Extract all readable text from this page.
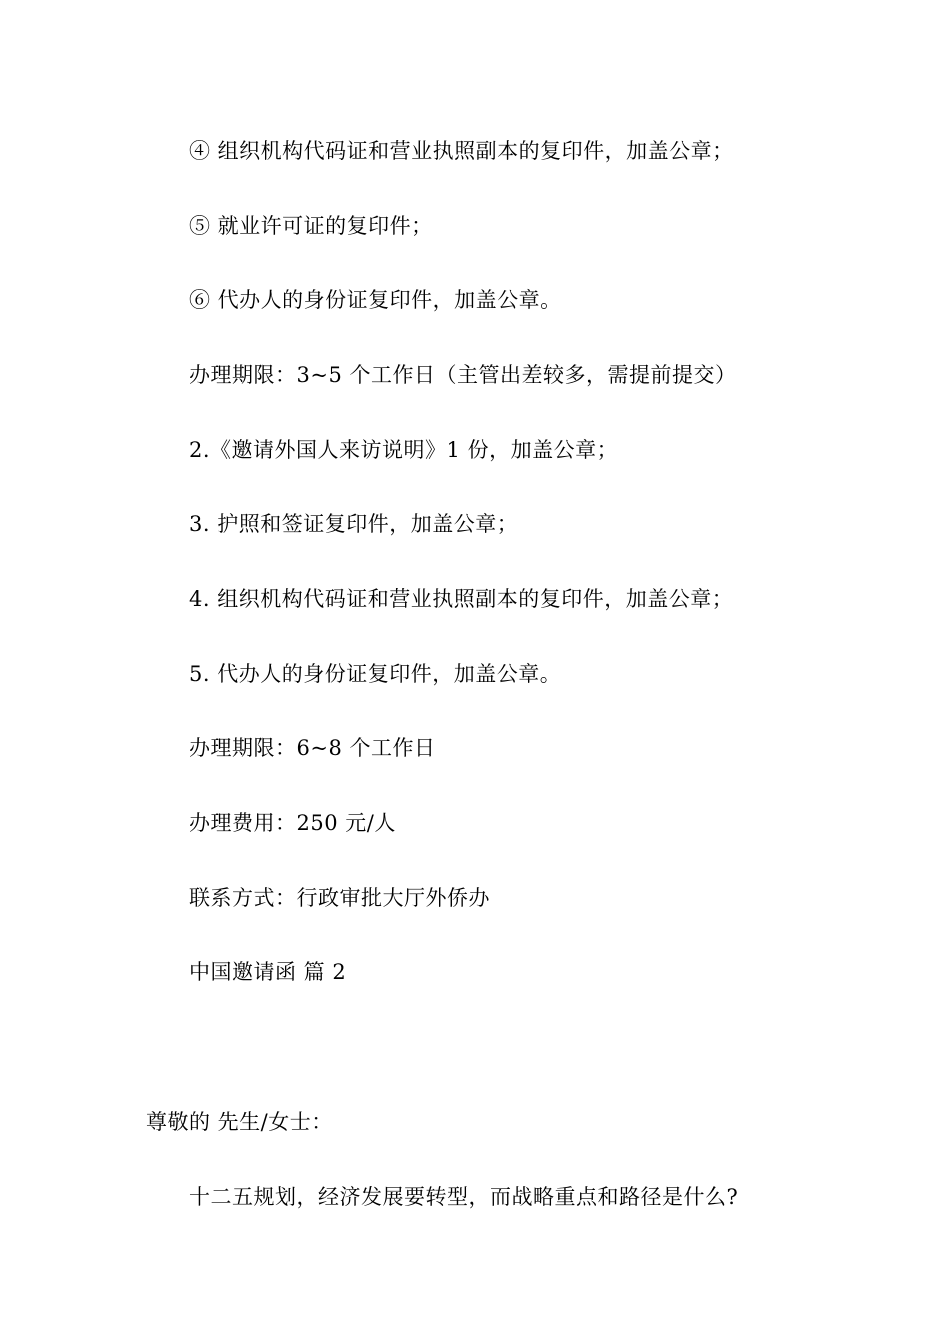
④ 组织机构代码证和营业执照副本的复印件，加盖公章；
⑤ 就业许可证的复印件；
⑥ 代办人的身份证复印件，加盖公章。
办理期限：3~5 个工作日（主管出差较多，需提前提交）
2.《邀请外国人来访说明》1 份，加盖公章；
3. 护照和签证复印件，加盖公章；
4. 组织机构代码证和营业执照副本的复印件，加盖公章；
5. 代办人的身份证复印件，加盖公章。
办理期限：6~8 个工作日
办理费用：250 元/人
联系方式：行政审批大厅外侨办
中国邀请函 篇 2
尊敬的 先生/女士：
十二五规划，经济发展要转型，而战略重点和路径是什么?
